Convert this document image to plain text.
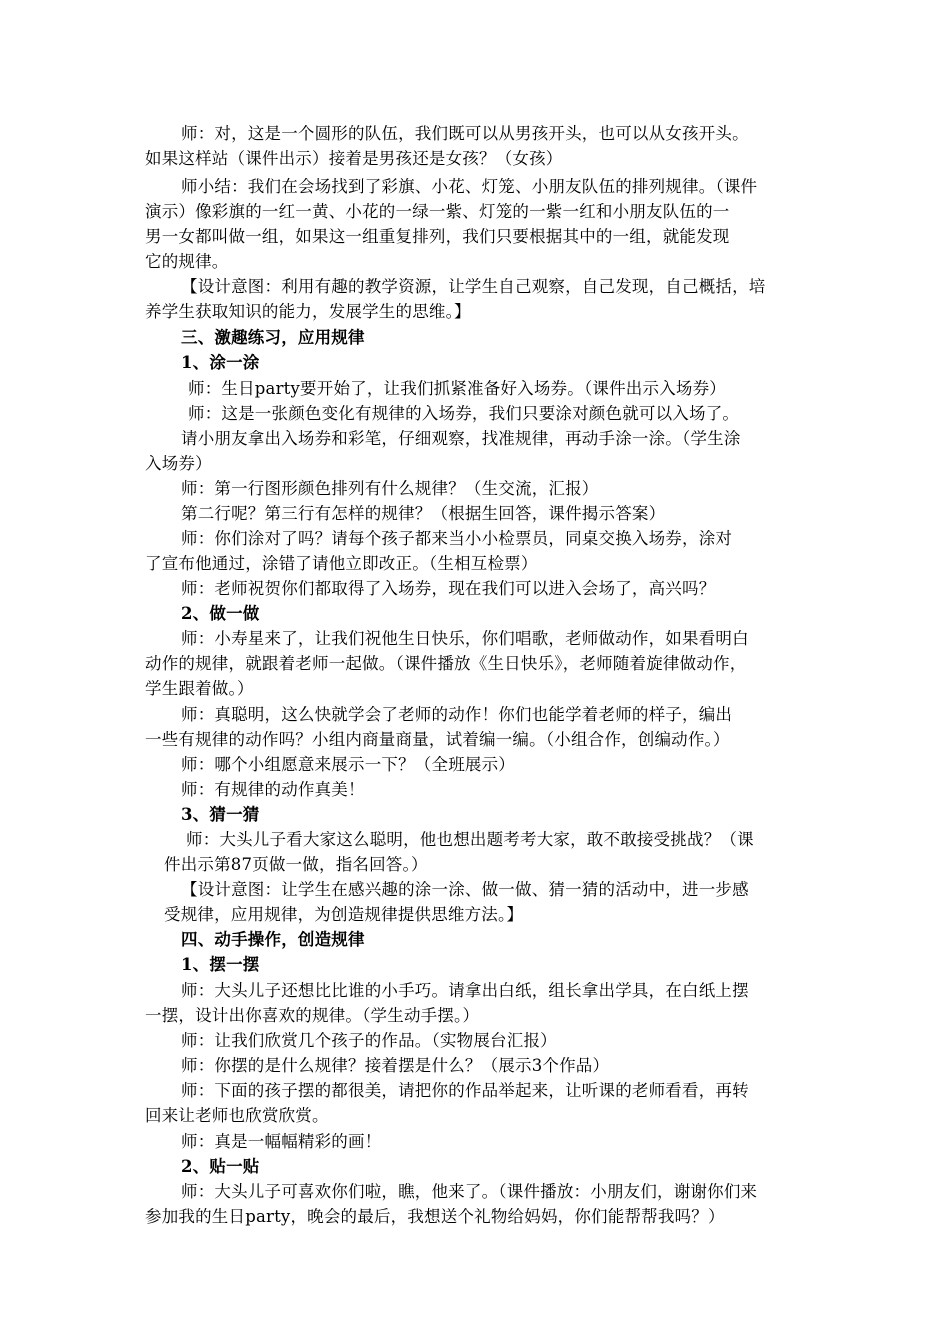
师：对，这是一个圆形的队伍，我们既可以从男孩开头，也可以从女孩开头。
如果这样站（课件出示）接着是男孩还是女孩？（女孩）
师小结：我们在会场找到了彩旗、小花、灯笼、小朋友队伍的排列规律。（课件
演示）像彩旗的一红一黄、小花的一绿一紫、灯笼的一紫一红和小朋友队伍的一
男一女都叫做一组，如果这一组重复排列，我们只要根据其中的一组，就能发现
它的规律。
【设计意图：利用有趣的教学资源，让学生自己观察，自己发现，自己概括，培
养学生获取知识的能力，发展学生的思维。】
三、激趣练习，应用规律
1、涂一涂
师：生日party要开始了，让我们抓紧准备好入场券。（课件出示入场券）
师：这是一张颜色变化有规律的入场券，我们只要涂对颜色就可以入场了。
请小朋友拿出入场券和彩笔，仔细观察，找准规律，再动手涂一涂。（学生涂
入场券）
师：第一行图形颜色排列有什么规律？（生交流，汇报）
第二行呢？第三行有怎样的规律？（根据生回答，课件揭示答案）
师：你们涂对了吗？请每个孩子都来当小小检票员，同桌交换入场券，涂对
了宣布他通过，涂错了请他立即改正。（生相互检票）
师：老师祝贺你们都取得了入场券，现在我们可以进入会场了，高兴吗？
2、做一做
师：小寿星来了，让我们祝他生日快乐，你们唱歌，老师做动作，如果看明白
动作的规律，就跟着老师一起做。（课件播放《生日快乐》，老师随着旋律做动作，
学生跟着做。）
师：真聪明，这么快就学会了老师的动作！你们也能学着老师的样子，编出
一些有规律的动作吗？小组内商量商量，试着编一编。（小组合作，创编动作。）
师：哪个小组愿意来展示一下？（全班展示）
师：有规律的动作真美！
3、猜一猜
师：大头儿子看大家这么聪明，他也想出题考考大家，敢不敢接受挑战？（课
件出示第87页做一做，指名回答。）
【设计意图：让学生在感兴趣的涂一涂、做一做、猜一猜的活动中，进一步感
受规律，应用规律，为创造规律提供思维方法。】
四、动手操作，创造规律
1、摆一摆
师：大头儿子还想比比谁的小手巧。请拿出白纸，组长拿出学具，在白纸上摆
一摆，设计出你喜欢的规律。（学生动手摆。）
师：让我们欣赏几个孩子的作品。（实物展台汇报）
师：你摆的是什么规律？接着摆是什么？（展示3个作品）
师：下面的孩子摆的都很美，请把你的作品举起来，让听课的老师看看，再转
回来让老师也欣赏欣赏。
师：真是一幅幅精彩的画！
2、贴一贴
师：大头儿子可喜欢你们啦，瞧，他来了。（课件播放：小朋友们，谢谢你们来
参加我的生日party，晚会的最后，我想送个礼物给妈妈，你们能帮帮我吗？）
